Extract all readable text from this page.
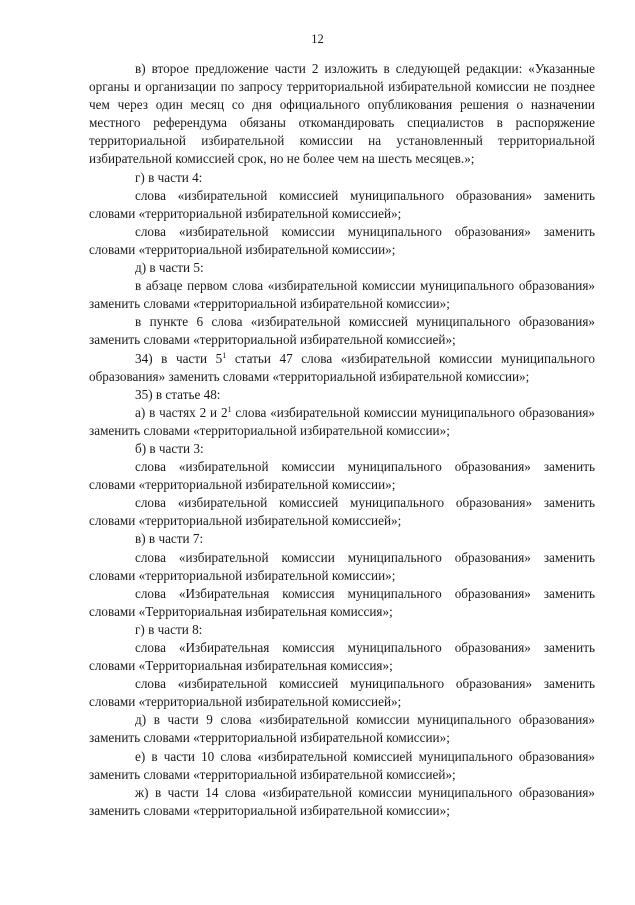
12

в) второе предложение части 2 изложить в следующей редакции: «Указанные органы и организации по запросу территориальной избирательной комиссии не позднее чем через один месяц со дня официального опубликования решения о назначении местного референдума обязаны откомандировать специалистов в распоряжение территориальной избирательной комиссии на установленный территориальной избирательной комиссией срок, но не более чем на шесть месяцев.»;

г) в части 4:

слова «избирательной комиссией муниципального образования» заменить словами «территориальной избирательной комиссией»;

слова «избирательной комиссии муниципального образования» заменить словами «территориальной избирательной комиссии»;

д) в части 5:

в абзаце первом слова «избирательной комиссии муниципального образования» заменить словами «территориальной избирательной комиссии»;

в пункте 6 слова «избирательной комиссией муниципального образования» заменить словами «территориальной избирательной комиссией»;

34) в части $5^1$ статьи 47 слова «избирательной комиссии муниципального образования» заменить словами «территориальной избирательной комиссии»;

35) в статье 48:

а) в частях 2 и $2^1$ слова «избирательной комиссии муниципального образования» заменить словами «территориальной избирательной комиссии»;

б) в части 3:

слова «избирательной комиссии муниципального образования» заменить словами «территориальной избирательной комиссии»;

слова «избирательной комиссией муниципального образования» заменить словами «территориальной избирательной комиссией»;

в) в части 7:

слова «избирательной комиссии муниципального образования» заменить словами «территориальной избирательной комиссии»;

слова «Избирательная комиссия муниципального образования» заменить словами «Территориальная избирательная комиссия»;

г) в части 8:

слова «Избирательная комиссия муниципального образования» заменить словами «Территориальная избирательная комиссия»;

слова «избирательной комиссией муниципального образования» заменить словами «территориальной избирательной комиссией»;

д) в части 9 слова «избирательной комиссии муниципального образования» заменить словами «территориальной избирательной комиссии»;

е) в части 10 слова «избирательной комиссией муниципального образования» заменить словами «территориальной избирательной комиссией»;

ж) в части 14 слова «избирательной комиссии муниципального образования» заменить словами «территориальной избирательной комиссии»;
